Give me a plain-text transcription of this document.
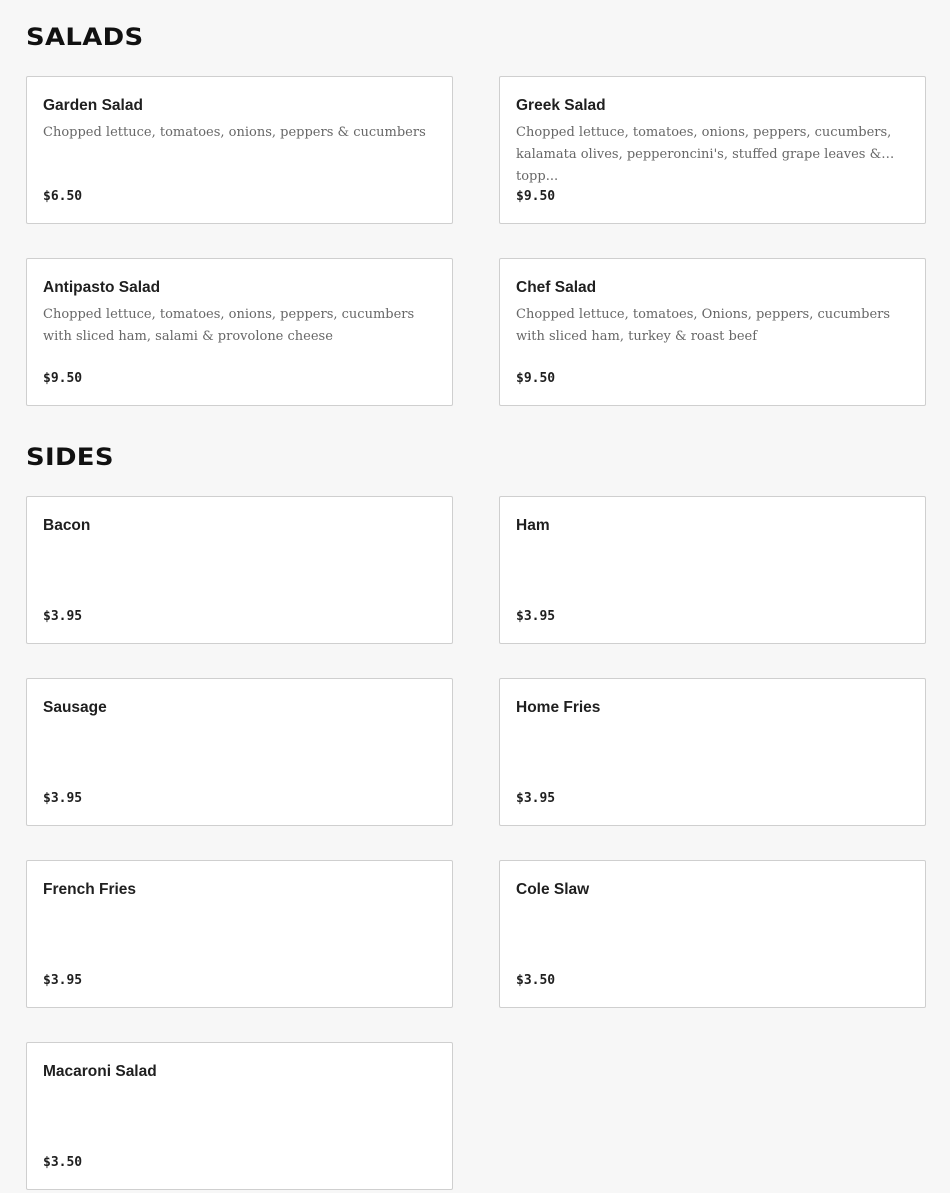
SALADS
Garden Salad
Chopped lettuce, tomatoes, onions, peppers & cucumbers
$6.50
Greek Salad
Chopped lettuce, tomatoes, onions, peppers, cucumbers, kalamata olives, pepperoncini's, stuffed grape leaves & topp...
$9.50
Antipasto Salad
Chopped lettuce, tomatoes, onions, peppers, cucumbers with sliced ham, salami & provolone cheese
$9.50
Chef Salad
Chopped lettuce, tomatoes, Onions, peppers, cucumbers with sliced ham, turkey & roast beef
$9.50
SIDES
Bacon
$3.95
Ham
$3.95
Sausage
$3.95
Home Fries
$3.95
French Fries
$3.95
Cole Slaw
$3.50
Macaroni Salad
$3.50
